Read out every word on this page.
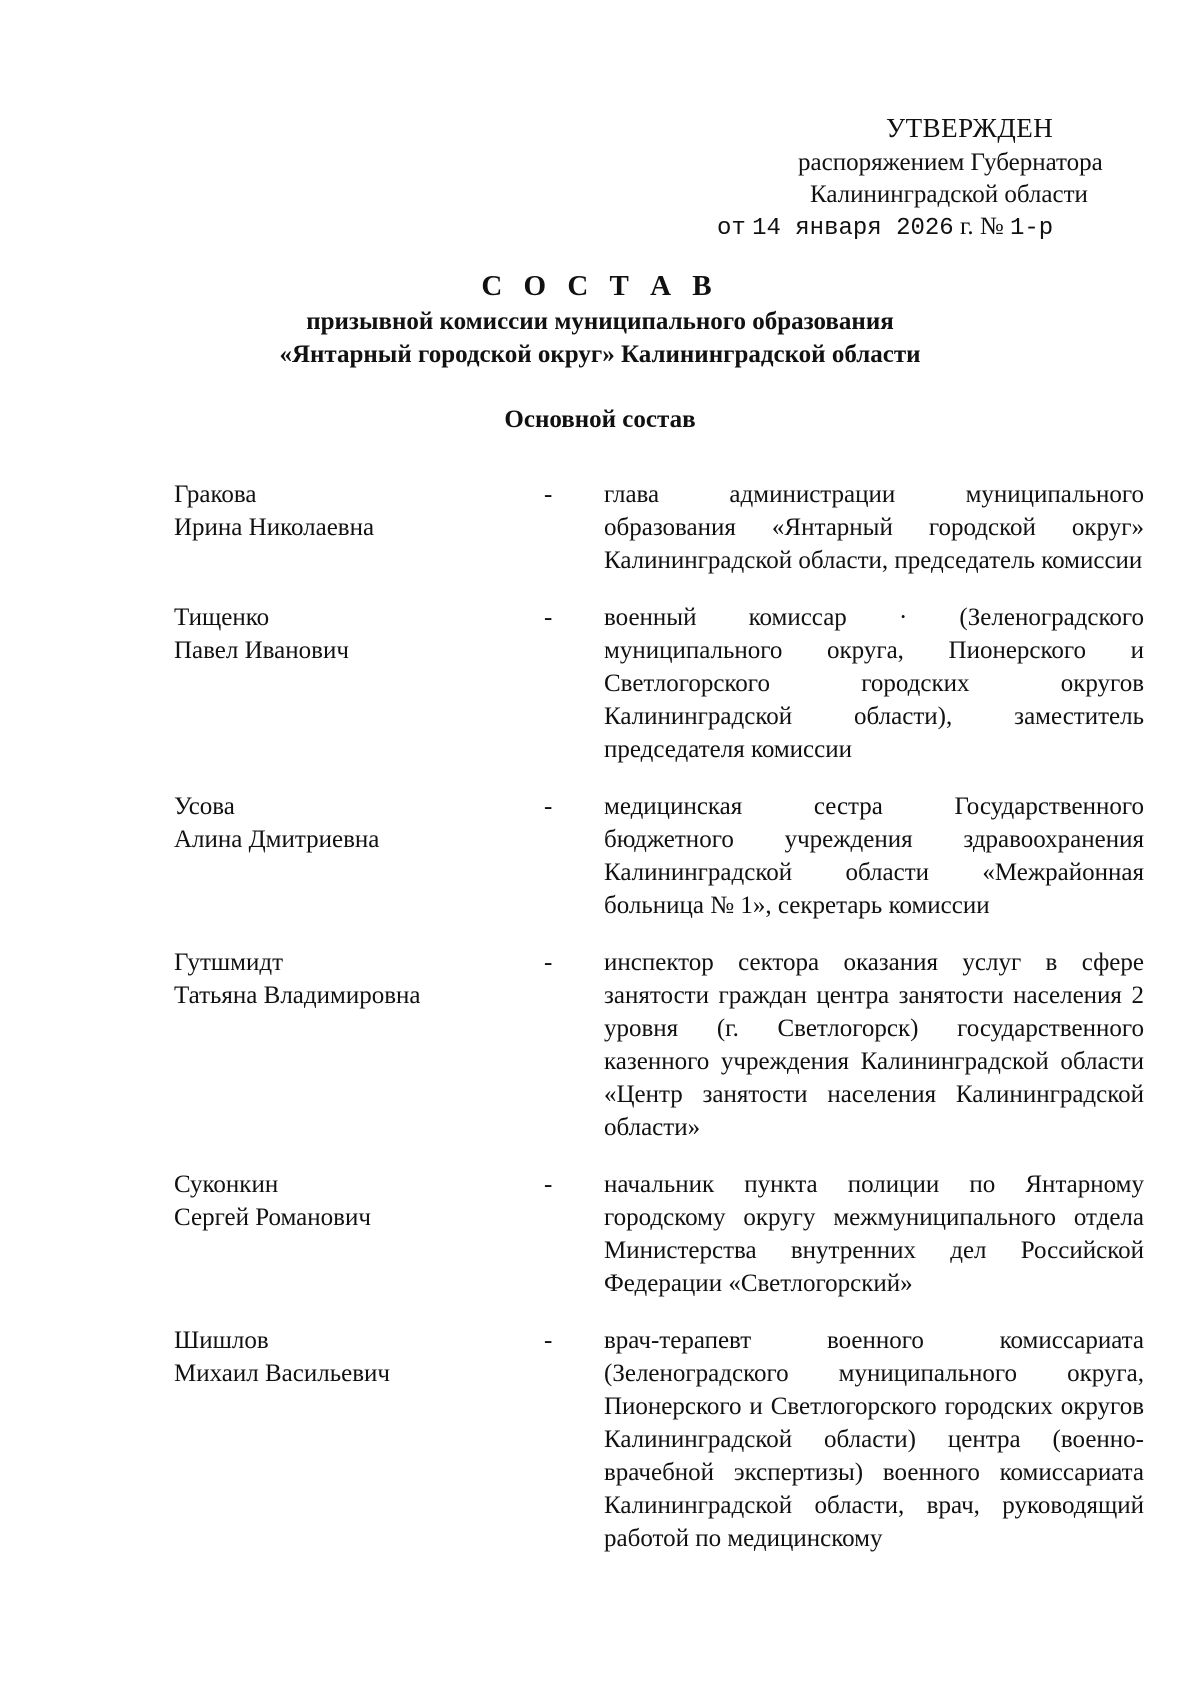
УТВЕРЖДЕН
распоряжением Губернатора
Калининградской области
от 14 января 2026 г. № 1-р
С О С Т А В
призывной комиссии муниципального образования
«Янтарный городской округ» Калининградской области
Основной состав
Гракова
Ирина Николаевна
-	глава администрации муниципального образования «Янтарный городской округ» Калининградской области, председатель комиссии
Тищенко
Павел Иванович
-	военный комиссар · (Зеленоградского муниципального округа, Пионерского и Светлогорского городских округов Калининградской области), заместитель председателя комиссии
Усова
Алина Дмитриевна
-	медицинская сестра Государственного бюджетного учреждения здравоохранения Калининградской области «Межрайонная больница № 1», секретарь комиссии
Гутшмидт
Татьяна Владимировна
-	инспектор сектора оказания услуг в сфере занятости граждан центра занятости населения 2 уровня (г. Светлогорск) государственного казенного учреждения Калининградской области «Центр занятости населения Калининградской области»
Суконкин
Сергей Романович
-	начальник пункта полиции по Янтарному городскому округу межмуниципального отдела Министерства внутренних дел Российской Федерации «Светлогорский»
Шишлов
Михаил Васильевич
-	врач-терапевт военного комиссариата (Зеленоградского муниципального округа, Пионерского и Светлогорского городских округов Калининградской области) центра (военно-врачебной экспертизы) военного комиссариата Калининградской области, врач, руководящий работой по медицинскому
